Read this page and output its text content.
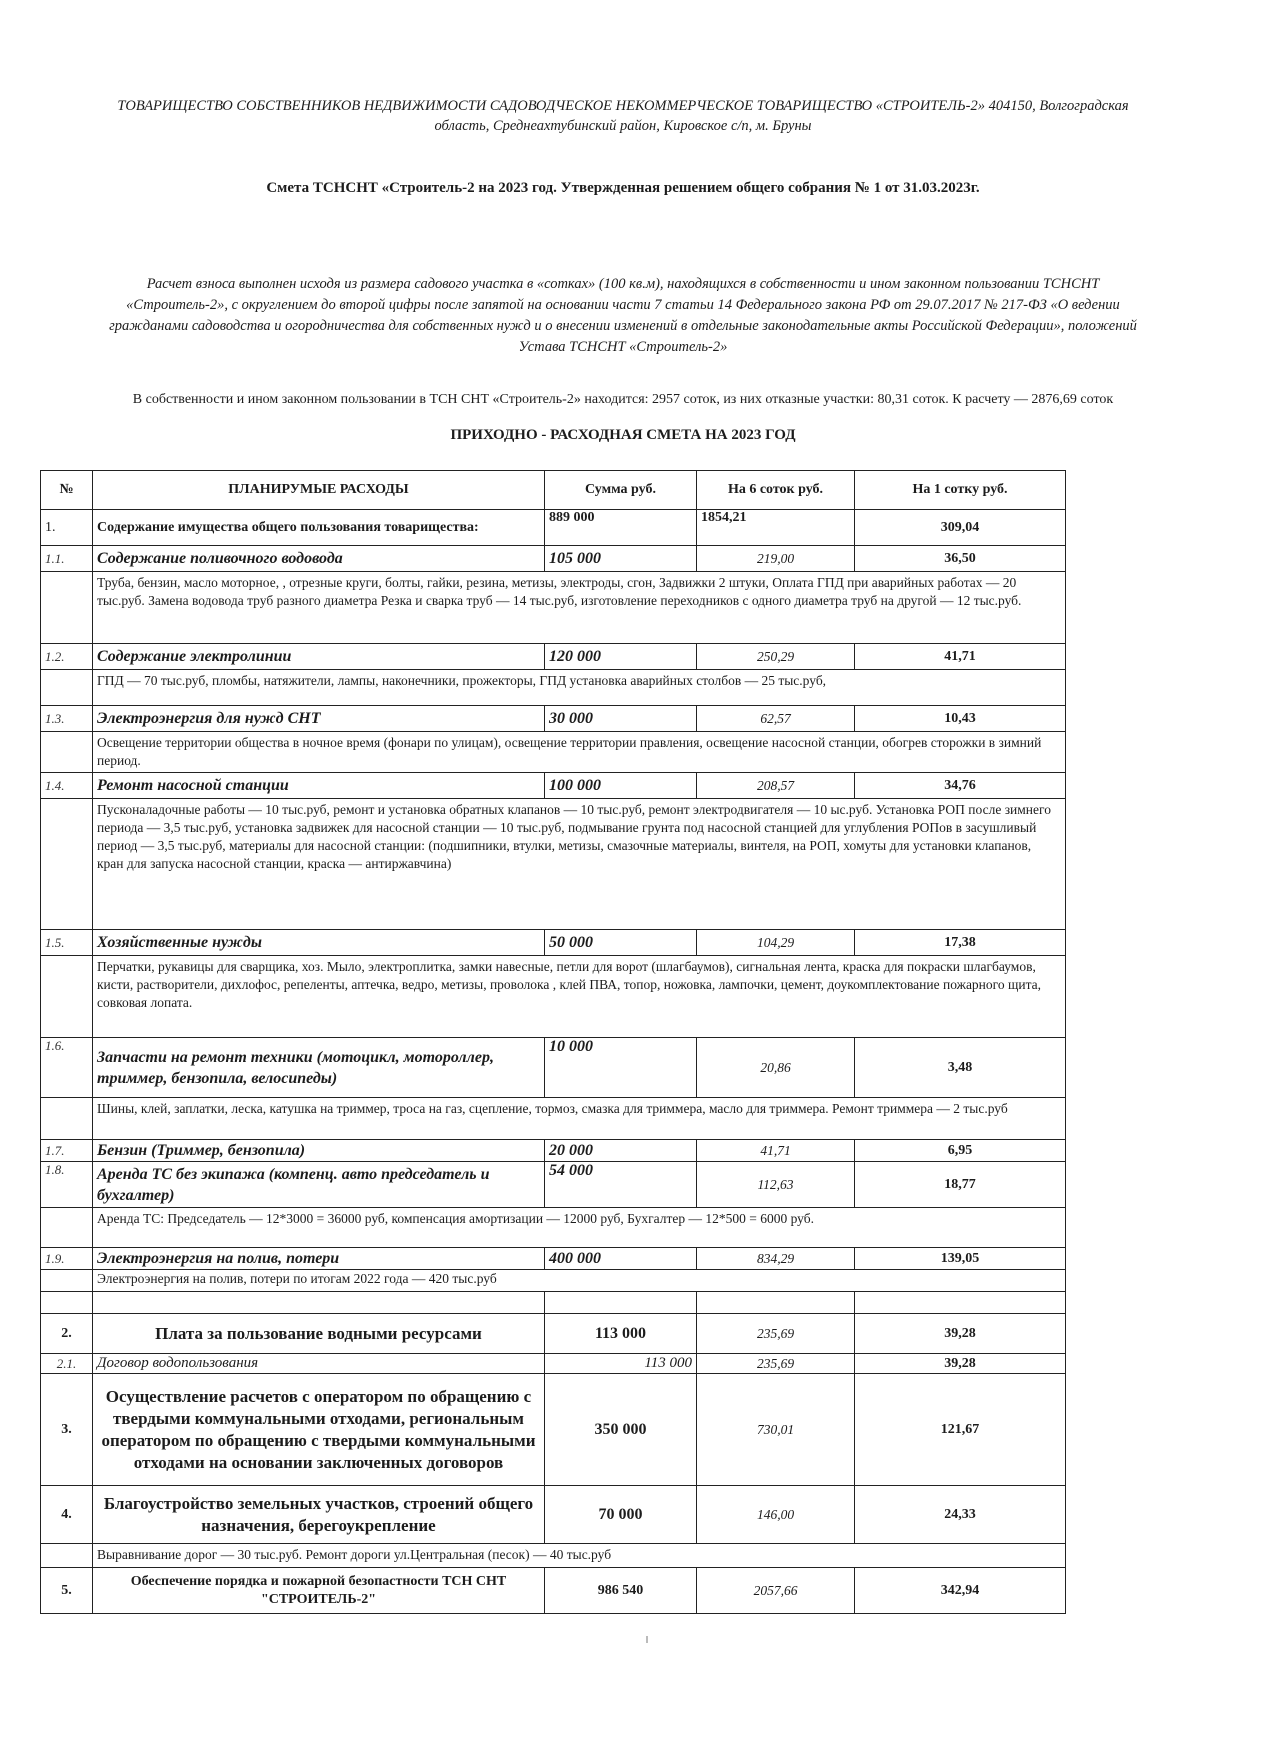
ТОВАРИЩЕСТВО СОБСТВЕННИКОВ НЕДВИЖИМОСТИ САДОВОДЧЕСКОЕ НЕКОММЕРЧЕСКОЕ ТОВАРИЩЕСТВО «СТРОИТЕЛЬ-2» 404150, Волгоградская
область, Среднеахтубинский район, Кировское с/п, м. Бруны
Смета ТСНСНТ «Строитель-2 на 2023 год. Утвержденная решением общего собрания № 1 от 31.03.2023г.
Расчет взноса выполнен исходя из размера садового участка в «сотках» (100 кв.м), находящихся в собственности и ином законном пользовании ТСНСНТ
«Строитель-2», с округлением до второй цифры после запятой на основании части 7 статьи 14 Федерального закона РФ от 29.07.2017 № 217-ФЗ «О ведении
гражданами садоводства и огородничества для собственных нужд и о внесении изменений в отдельные законодательные акты Российской Федерации», положений
Устава ТСНСНТ «Строитель-2»
В собственности и ином законном пользовании в ТСН СНТ «Строитель-2» находится: 2957 соток, из них отказные участки: 80,31 соток. К расчету — 2876,69 соток
ПРИХОДНО - РАСХОДНАЯ СМЕТА НА 2023 ГОД
№	ПЛАНИРУМЫЕ РАСХОДЫ	Сумма руб.	На 6 соток руб.	На 1 сотку руб.
1.	Содержание имущества общего пользования товарищества:	889 000	1854,21	309,04
1.1.	Содержание поливочного водовода	105 000	219,00	36,50
	Труба, бензин, масло моторное, , отрезные круги, болты, гайки, резина, метизы, электроды, сгон, Задвижки 2 штуки, Оплата ГПД при аварийных работах — 20 тыс.руб. Замена водовода труб разного диаметра Резка и сварка труб — 14 тыс.руб, изготовление переходников с одного диаметра труб на другой — 12 тыс.руб.			
1.2.	Содержание электролинии	120 000	250,29	41,71
	ГПД — 70 тыс.руб, пломбы, натяжители, лампы, наконечники, прожекторы, ГПД установка аварийных столбов — 25 тыс.руб,			
1.3.	Электроэнергия для нужд СНТ	30 000	62,57	10,43
	Освещение территории общества в ночное время (фонари по улицам), освещение территории правления, освещение насосной станции, обогрев сторожки в зимний период.			
1.4.	Ремонт насосной станции	100 000	208,57	34,76
	Пусконаладочные работы — 10 тыс.руб, ремонт и установка обратных клапанов — 10 тыс.руб, ремонт электродвигателя — 10 ыс.руб. Установка РОП после зимнего периода — 3,5 тыс.руб, установка задвижек для насосной станции — 10 тыс.руб, подмывание грунта под насосной станцией для углубления РОПов в засушливый период — 3,5 тыс.руб, материалы для насосной станции: (подшипники, втулки, метизы, смазочные материалы, винтеля, на РОП, хомуты для установки клапанов, кран для запуска насосной станции, краска — антиржавчина)			
1.5.	Хозяйственные нужды	50 000	104,29	17,38
	Перчатки, рукавицы для сварщика, хоз. Мыло, электроплитка, замки навесные, петли для ворот (шлагбаумов), сигнальная лента, краска для покраски шлагбаумов, кисти, растворители, дихлофос, репеленты, аптечка, ведро, метизы, проволока , клей ПВА, топор, ножовка, лампочки, цемент, доукомплектование пожарного щита, совковая лопата.			
1.6.	Запчасти на ремонт техники (мотоцикл, мотороллер, триммер, бензопила, велосипеды)	10 000	20,86	3,48
	Шины, клей, заплатки, леска, катушка на триммер, троса на газ, сцепление, тормоз, смазка для триммера, масло для триммера. Ремонт триммера — 2 тыс.руб			
1.7.	Бензин (Триммер, бензопила)	20 000	41,71	6,95
1.8.	Аренда ТС без экипажа (компенц. авто председатель и бухгалтер)	54 000	112,63	18,77
	Аренда ТС: Председатель — 12*3000 = 36000 руб, компенсация амортизации — 12000 руб, Бухгалтер — 12*500 = 6000 руб.			
1.9.	Электроэнергия на полив, потери	400 000	834,29	139,05
	Электроэнергия на полив, потери по итогам 2022 года — 420 тыс.руб			

2.	Плата за пользование водными ресурсами	113 000	235,69	39,28
2.1.	Договор водопользования	113 000	235,69	39,28
3.	Осуществление расчетов с оператором по обращению с твердыми коммунальными отходами, региональным оператором по обращению с твердыми коммунальными отходами на основании заключенных договоров	350 000	730,01	121,67
4.	Благоустройство земельных участков, строений общего назначения, берегоукрепление	70 000	146,00	24,33
	Выравнивание дорог — 30 тыс.руб. Ремонт дороги ул.Центральная (песок) — 40 тыс.руб			
5.	Обеспечение порядка и пожарной безопастности ТСН СНТ "СТРОИТЕЛЬ-2"	986 540	2057,66	342,94
